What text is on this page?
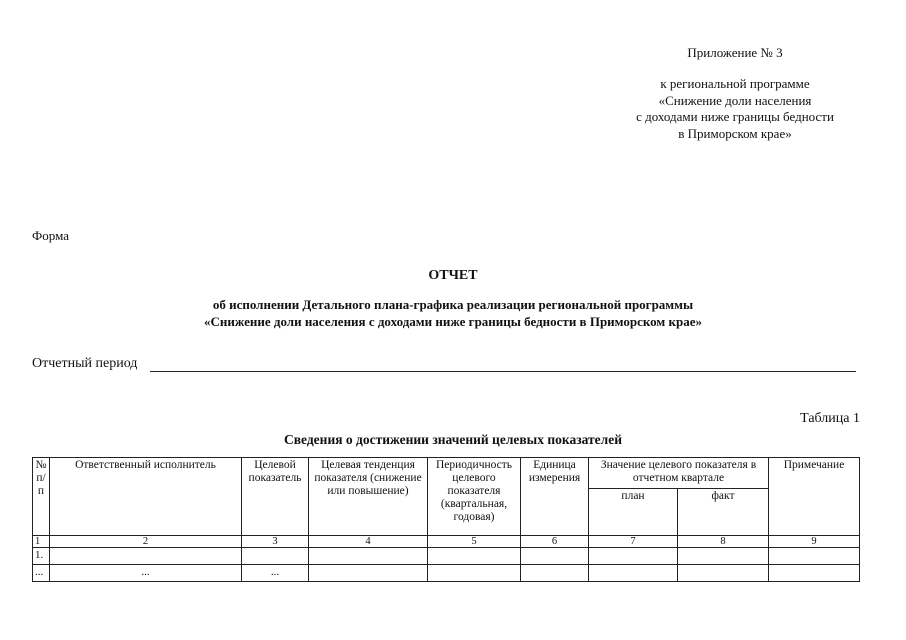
Приложение № 3
к региональной программе
«Снижение доли населения
с доходами ниже границы бедности
в Приморском крае»
Форма
ОТЧЕТ
об исполнении Детального плана-графика реализации региональной программы
«Снижение доли населения с доходами ниже границы бедности в Приморском крае»
Отчетный период
Таблица 1
Сведения о достижении значений целевых показателей
№ п/п	Ответственный исполнитель	Целевой показатель	Целевая тенденция показателя (снижение или повышение)	Периодичность целевого показателя (квартальная, годовая)	Единица измерения	Значение целевого показателя в отчетном квартале		Примечание
						план	факт	
1	2	3	4	5	6	7	8	9
1.								
...	...	...						
